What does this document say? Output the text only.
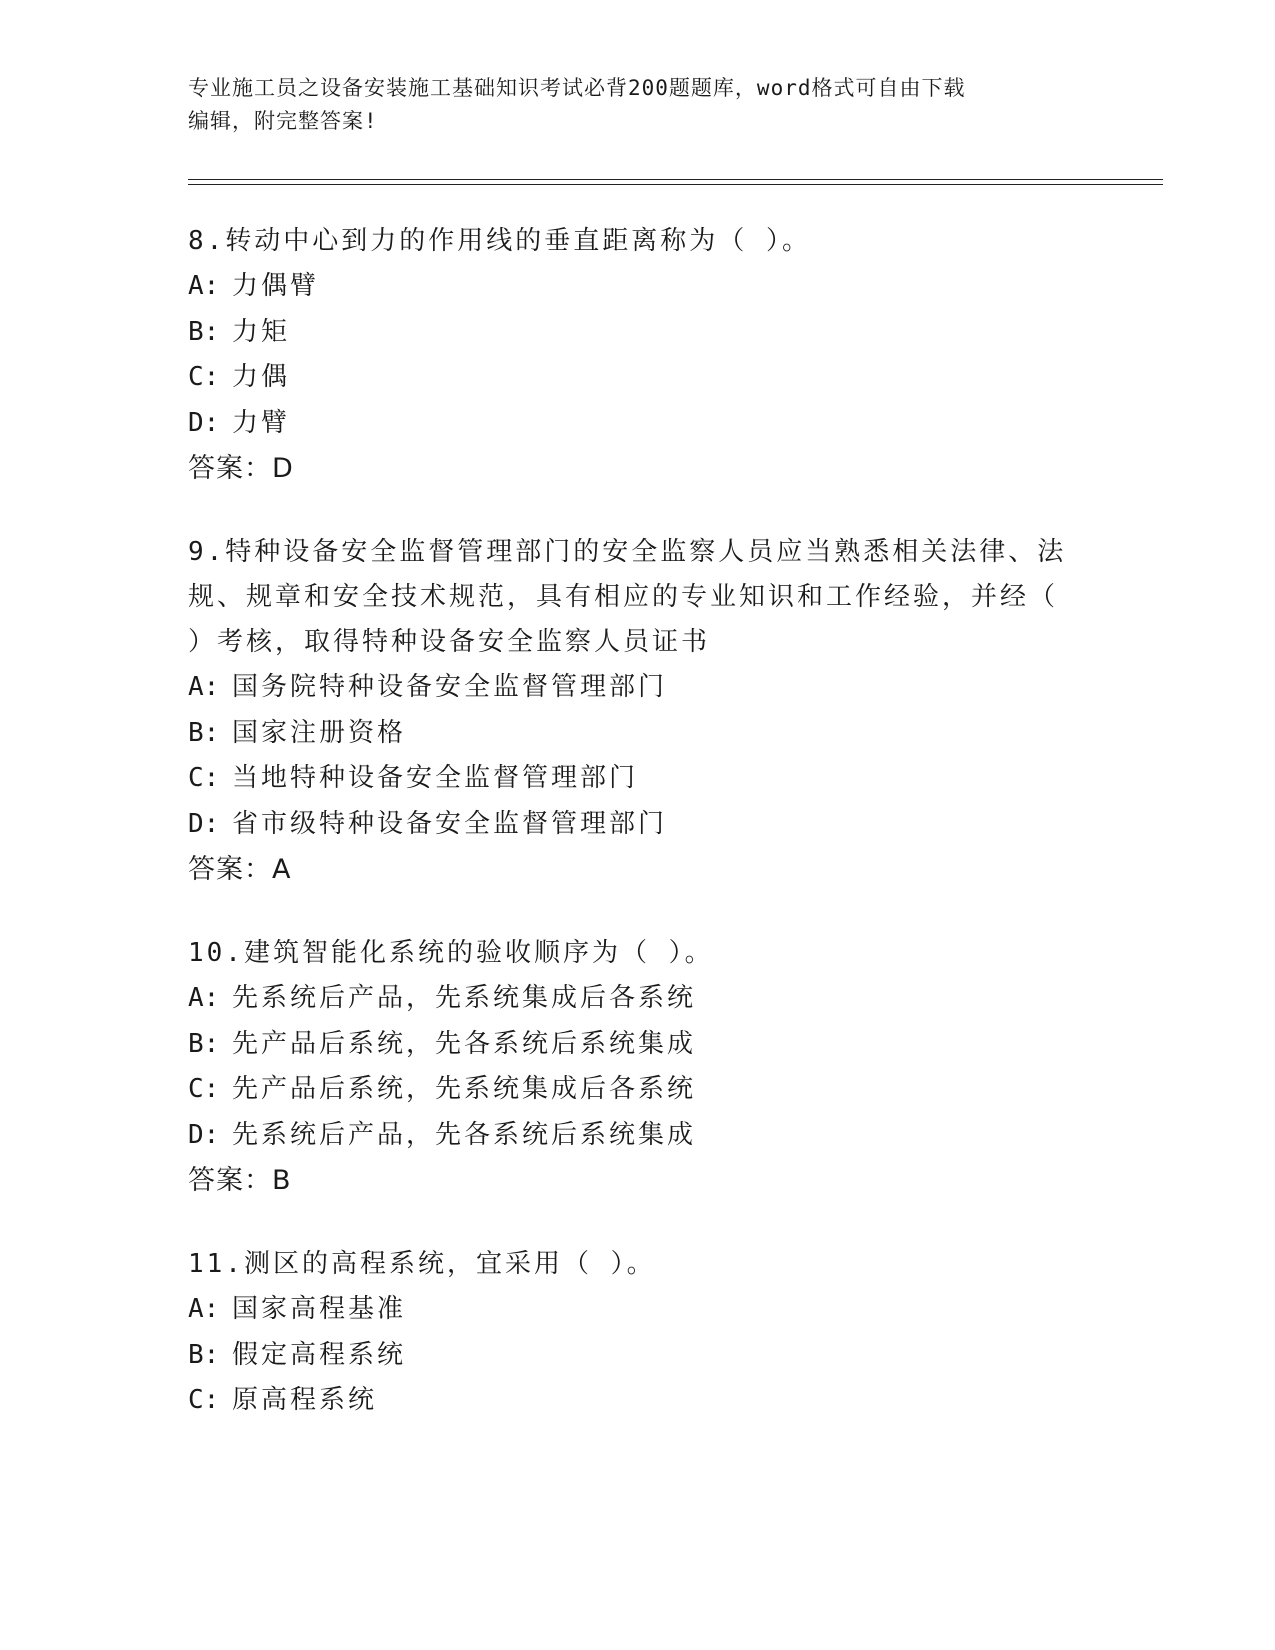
专业施工员之设备安装施工基础知识考试必背200题题库，word格式可自由下载
编辑，附完整答案!
8.转动中心到力的作用线的垂直距离称为（ ）。
A: 力偶臂
B: 力矩
C: 力偶
D: 力臂
答案：D
9.特种设备安全监督管理部门的安全监察人员应当熟悉相关法律、法
规、规章和安全技术规范，具有相应的专业知识和工作经验，并经（
）考核，取得特种设备安全监察人员证书
A: 国务院特种设备安全监督管理部门
B: 国家注册资格
C: 当地特种设备安全监督管理部门
D: 省市级特种设备安全监督管理部门
答案：A
10.建筑智能化系统的验收顺序为（ ）。
A: 先系统后产品，先系统集成后各系统
B: 先产品后系统，先各系统后系统集成
C: 先产品后系统，先系统集成后各系统
D: 先系统后产品，先各系统后系统集成
答案：B
11.测区的高程系统，宜采用（ ）。
A: 国家高程基准
B: 假定高程系统
C: 原高程系统
